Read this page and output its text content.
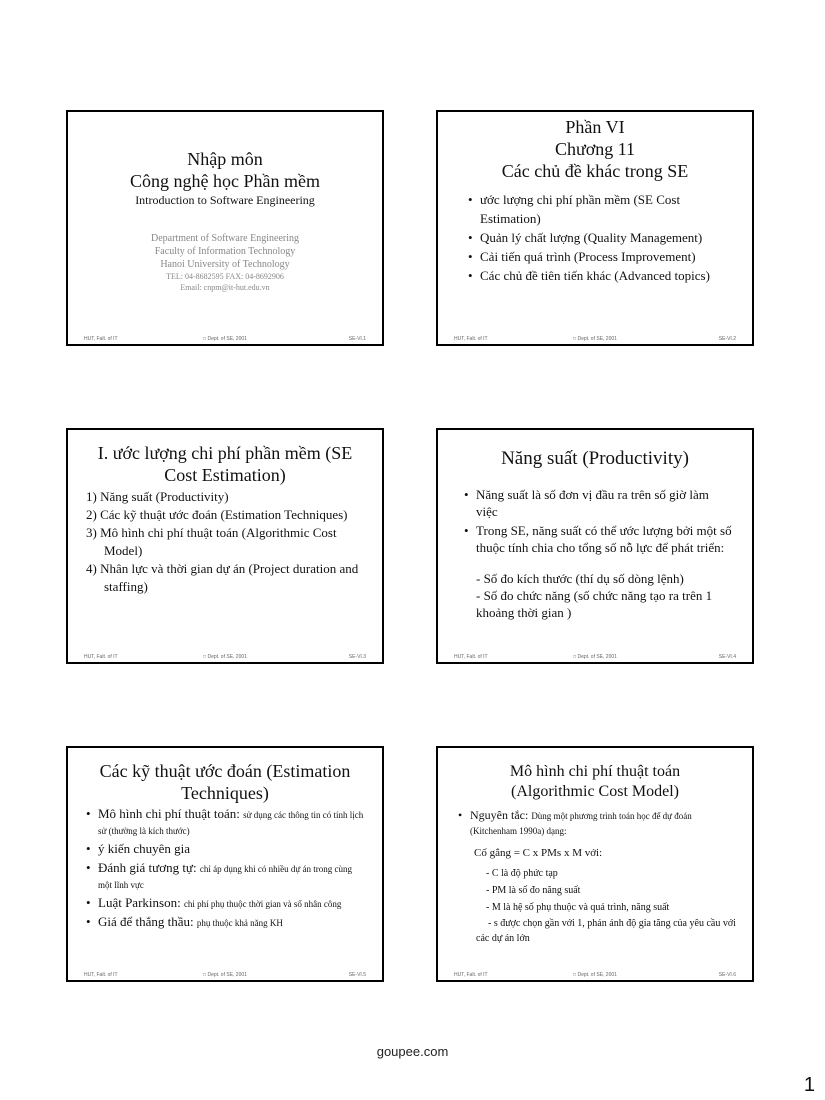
Nhập môn
Công nghệ học Phần mềm
Introduction to Software Engineering
Department of Software Engineering
Faculty of Information Technology
Hanoi University of Technology
TEL: 04-8682595 FAX: 04-8692906
Email: cnpm@it-hut.edu.vn
HUT, Falt. of IT	□ Dept. of SE, 2001	SE-VI.1
Phần VI
Chương 11
Các chủ đề khác trong SE
• ước lượng chi phí phần mềm (SE Cost Estimation)
• Quản lý chất lượng (Quality Management)
• Cải tiến quá trình (Process Improvement)
• Các chủ đề tiên tiến khác (Advanced topics)
HUT, Falt. of IT	□ Dept. of SE, 2001	SE-VI.2
I. ước lượng chi phí phần mềm (SE
Cost Estimation)
1) Năng suất (Productivity)
2) Các kỹ thuật ước đoán (Estimation Techniques)
3) Mô hình chi phí thuật toán (Algorithmic Cost Model)
4) Nhân lực và thời gian dự án (Project duration and staffing)
HUT, Falt. of IT	□ Dept. of SE, 2001	SE-VI.3
Năng suất (Productivity)
• Năng suất là số đơn vị đầu ra trên số giờ làm việc
• Trong SE, năng suất có thể ước lượng bởi một số thuộc tính chia cho tổng số nỗ lực để phát triển:
- Số đo kích thước (thí dụ số dòng lệnh)
- Số đo chức năng (số chức năng tạo ra trên 1 khoảng thời gian )
HUT, Falt. of IT	□ Dept. of SE, 2001	SE-VI.4
Các kỹ thuật ước đoán (Estimation
Techniques)
• Mô hình chi phí thuật toán: sử dụng các thông tin có tính lịch sử (thường là kích thước)
• ý kiến chuyên gia
• Đánh giá tương tự: chỉ áp dụng khi có nhiều dự án trong cùng một lĩnh vực
• Luật Parkinson: chi phí phụ thuộc thời gian và số nhân công
• Giá để thắng thầu: phụ thuộc khả năng KH
HUT, Falt. of IT	□ Dept. of SE, 2001	SE-VI.5
Mô hình chi phí thuật toán
(Algorithmic Cost Model)
• Nguyên tắc: Dùng một phương trình toán học để dự đoán (Kitchenham 1990a) dạng:
Cố gắng = C x PMs x M với:
- C là độ phức tạp
- PM là số đo năng suất
- M là hệ số phụ thuộc và quá trình, năng suất
- s được chọn gần với 1, phản ánh độ gia tăng của yêu cầu với các dự án lớn
HUT, Falt. of IT	□ Dept. of SE, 2001	SE-VI.6
goupee.com
1
